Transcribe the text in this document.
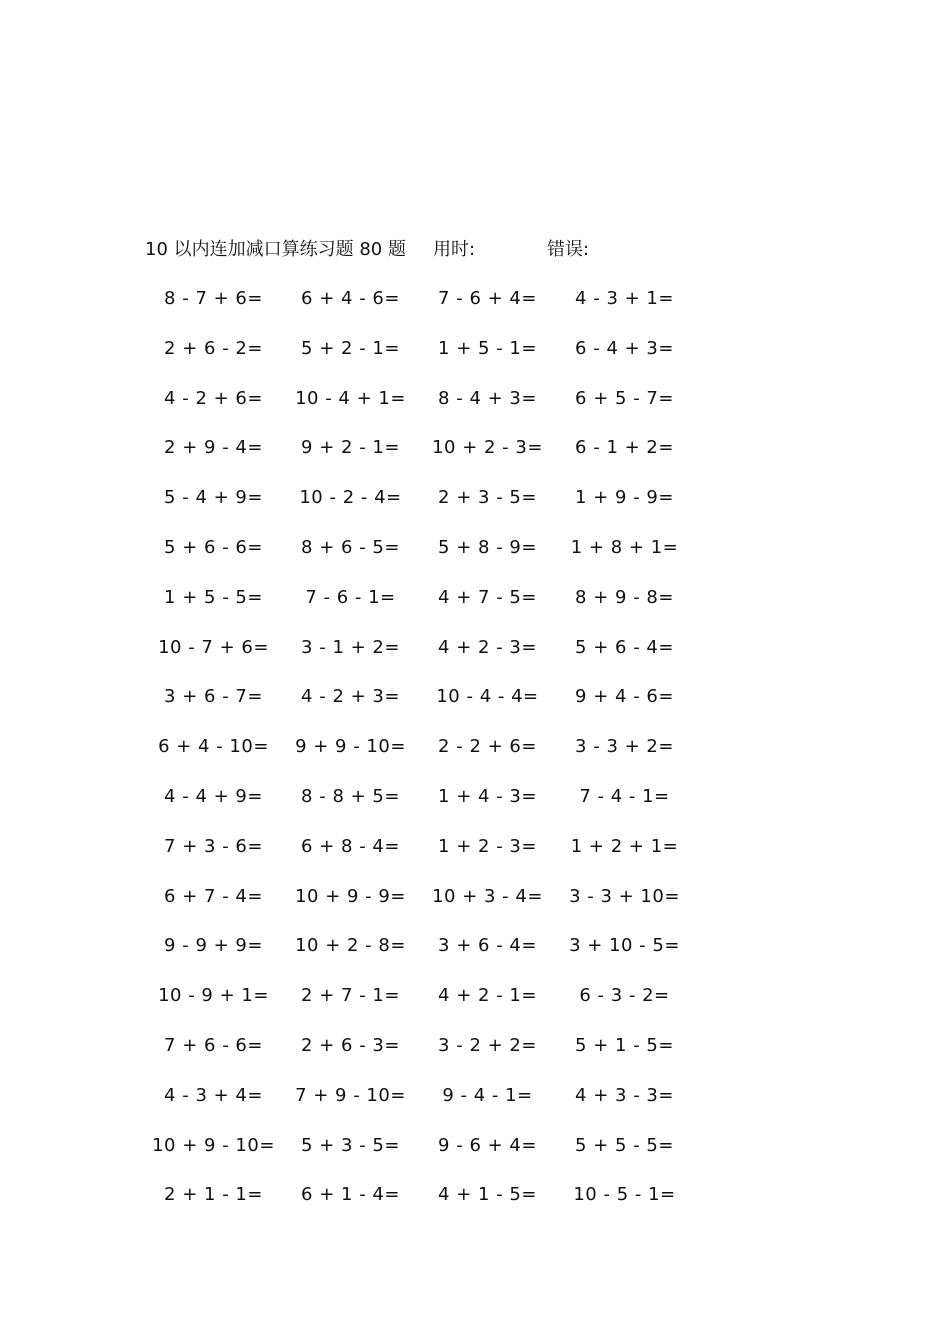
10 以内连加减口算练习题 80 题 用时:	错误:
8 - 7 + 6=	6 + 4 - 6=	7 - 6 + 4=	4 - 3 + 1=
2 + 6 - 2=	5 + 2 - 1=	1 + 5 - 1=	6 - 4 + 3=
4 - 2 + 6=	10 - 4 + 1=	8 - 4 + 3=	6 + 5 - 7=
2 + 9 - 4=	9 + 2 - 1=	10 + 2 - 3=	6 - 1 + 2=
5 - 4 + 9=	10 - 2 - 4=	2 + 3 - 5=	1 + 9 - 9=
5 + 6 - 6=	8 + 6 - 5=	5 + 8 - 9=	1 + 8 + 1=
1 + 5 - 5=	7 - 6 - 1=	4 + 7 - 5=	8 + 9 - 8=
10 - 7 + 6=	3 - 1 + 2=	4 + 2 - 3=	5 + 6 - 4=
3 + 6 - 7=	4 - 2 + 3=	10 - 4 - 4=	9 + 4 - 6=
6 + 4 - 10=	9 + 9 - 10=	2 - 2 + 6=	3 - 3 + 2=
4 - 4 + 9=	8 - 8 + 5=	1 + 4 - 3=	7 - 4 - 1=
7 + 3 - 6=	6 + 8 - 4=	1 + 2 - 3=	1 + 2 + 1=
6 + 7 - 4=	10 + 9 - 9=	10 + 3 - 4=	3 - 3 + 10=
9 - 9 + 9=	10 + 2 - 8=	3 + 6 - 4=	3 + 10 - 5=
10 - 9 + 1=	2 + 7 - 1=	4 + 2 - 1=	6 - 3 - 2=
7 + 6 - 6=	2 + 6 - 3=	3 - 2 + 2=	5 + 1 - 5=
4 - 3 + 4=	7 + 9 - 10=	9 - 4 - 1=	4 + 3 - 3=
10 + 9 - 10=	5 + 3 - 5=	9 - 6 + 4=	5 + 5 - 5=
2 + 1 - 1=	6 + 1 - 4=	4 + 1 - 5=	10 - 5 - 1=
